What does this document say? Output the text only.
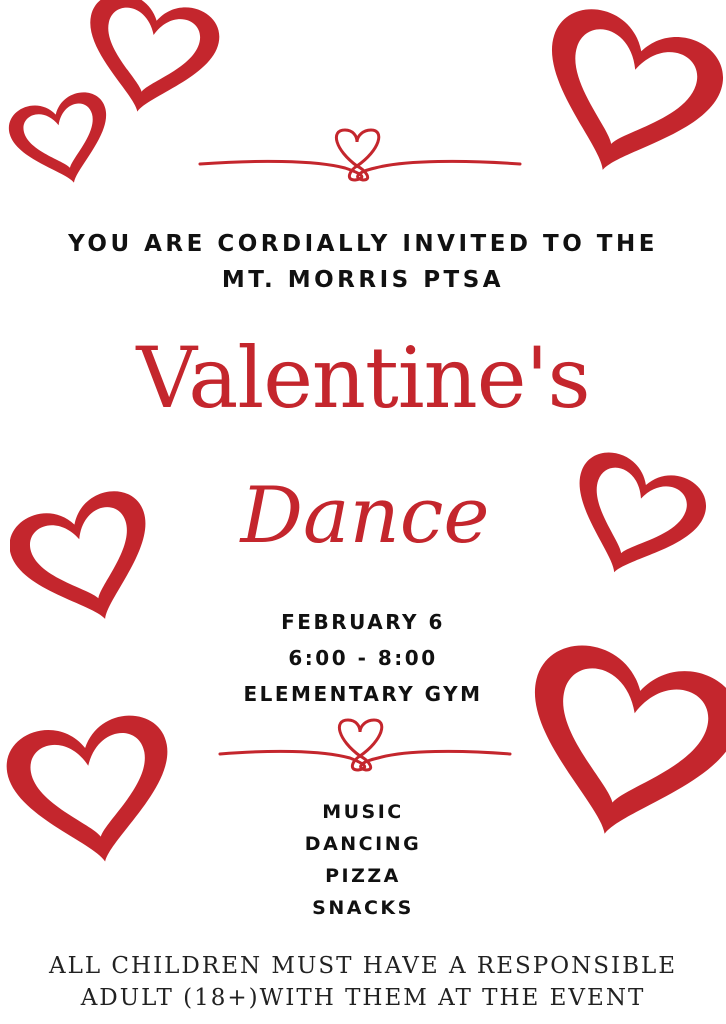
YOU ARE CORDIALLY INVITED TO THE
MT. MORRIS PTSA
Valentine's
Dance
FEBRUARY 6
6:00 - 8:00
ELEMENTARY GYM
MUSIC
DANCING
PIZZA
SNACKS
ALL CHILDREN MUST HAVE A RESPONSIBLE
ADULT (18+)WITH THEM AT THE EVENT
